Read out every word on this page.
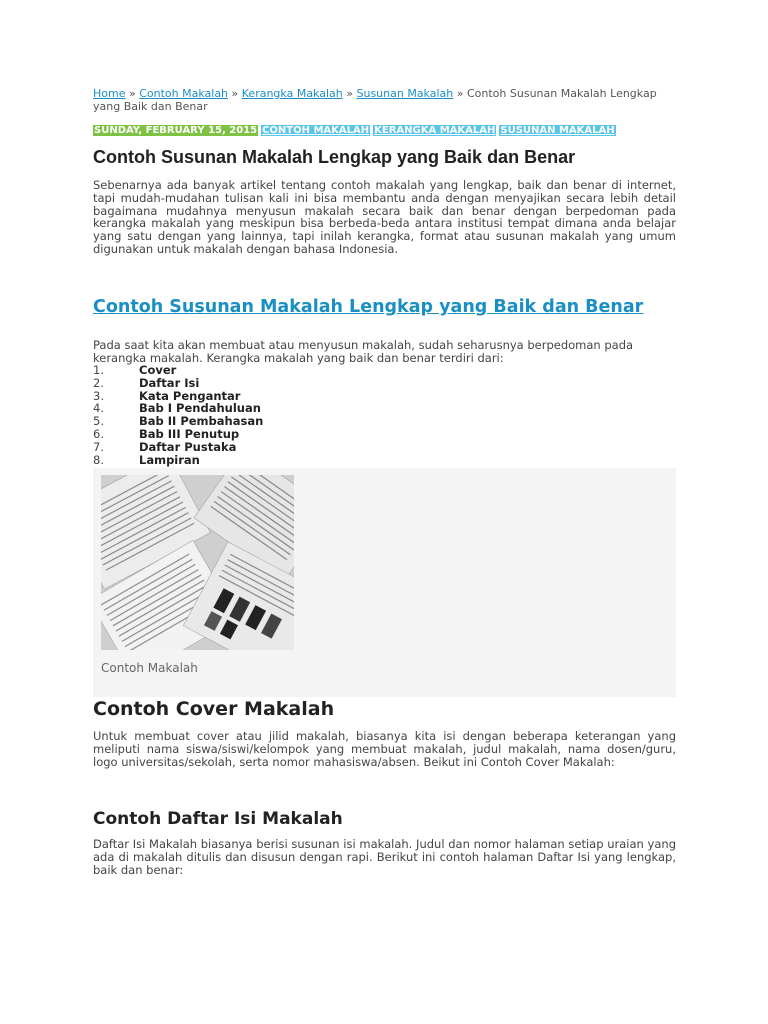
Home » Contoh Makalah » Kerangka Makalah » Susunan Makalah » Contoh Susunan Makalah Lengkap yang Baik dan Benar
SUNDAY, FEBRUARY 15, 2015 CONTOH MAKALAH KERANGKA MAKALAH SUSUNAN MAKALAH
Contoh Susunan Makalah Lengkap yang Baik dan Benar

Sebenarnya ada banyak artikel tentang contoh makalah yang lengkap, baik dan benar di internet, tapi mudah-mudahan tulisan kali ini bisa membantu anda dengan menyajikan secara lebih detail bagaimana mudahnya menyusun makalah secara baik dan benar dengan berpedoman pada kerangka makalah yang meskipun bisa berbeda-beda antara institusi tempat dimana anda belajar yang satu dengan yang lainnya, tapi inilah kerangka, format atau susunan makalah yang umum digunakan untuk makalah dengan bahasa Indonesia.

Contoh Susunan Makalah Lengkap yang Baik dan Benar

Pada saat kita akan membuat atau menyusun makalah, sudah seharusnya berpedoman pada kerangka makalah. Kerangka makalah yang baik dan benar terdiri dari:

1.	Cover
2.	Daftar Isi
3.	Kata Pengantar
4.	Bab I Pendahuluan
5.	Bab II Pembahasan
6.	Bab III Penutup
7.	Daftar Pustaka
8.	Lampiran
Contoh Makalah
Contoh Cover Makalah

Untuk membuat cover atau jilid makalah, biasanya kita isi dengan beberapa keterangan yang meliputi nama siswa/siswi/kelompok yang membuat makalah, judul makalah, nama dosen/guru, logo universitas/sekolah, serta nomor mahasiswa/absen. Beikut ini Contoh Cover Makalah:

Contoh Daftar Isi Makalah

Daftar Isi Makalah biasanya berisi susunan isi makalah. Judul dan nomor halaman setiap uraian yang ada di makalah ditulis dan disusun dengan rapi. Berikut ini contoh halaman Daftar Isi yang lengkap, baik dan benar:
